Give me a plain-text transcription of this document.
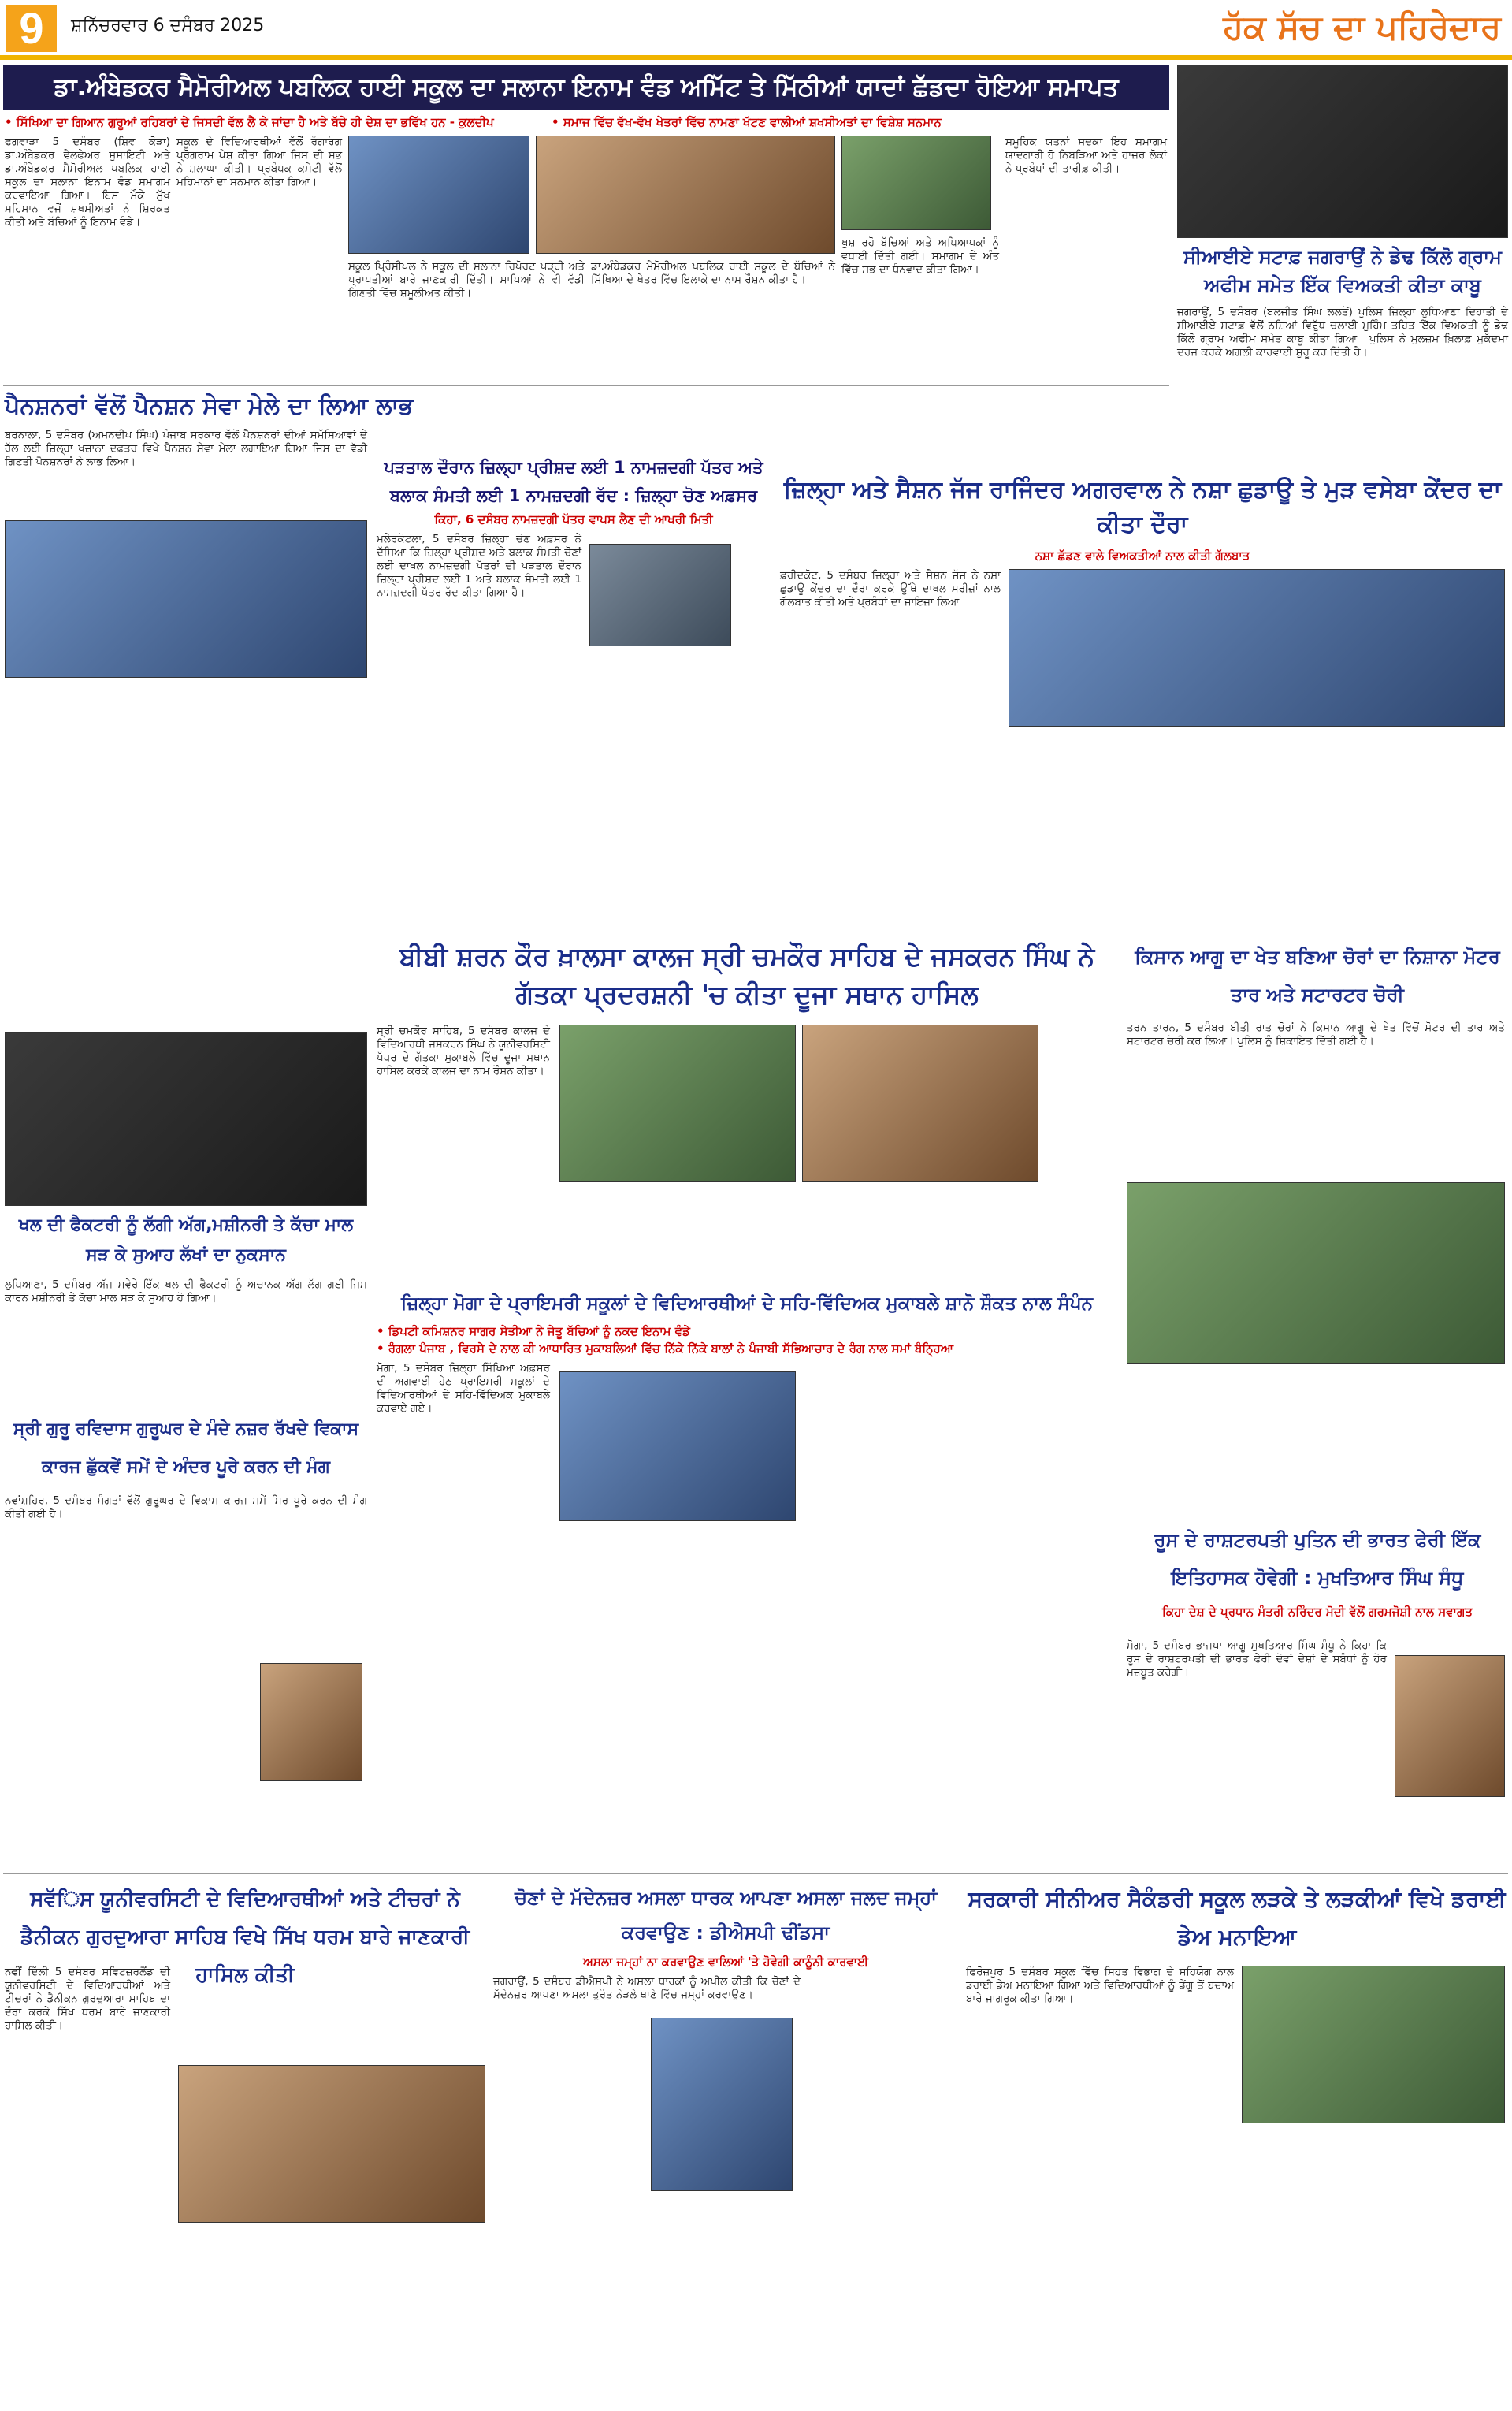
9	ਸ਼ਨਿੱਚਰਵਾਰ 6 ਦਸੰਬਰ 2025	ਹੱਕ ਸੱਚ ਦਾ ਪਹਿਰੇਦਾਰ
ਡਾ.ਅੰਬੇਡਕਰ ਮੈਮੋਰੀਅਲ ਪਬਲਿਕ ਹਾਈ ਸਕੂਲ ਦਾ ਸਲਾਨਾ ਇਨਾਮ ਵੰਡ ਅਮਿੱਟ ਤੇ ਮਿੱਠੀਆਂ ਯਾਦਾਂ ਛੱਡਦਾ ਹੋਇਆ ਸਮਾਪਤ
• ਸਿੱਖਿਆ ਦਾ ਗਿਆਨ ਗੁਰੂਆਂ ਰਹਿਬਰਾਂ ਦੇ ਜਿਸਦੀ ਵੱਲ ਲੈ ਕੇ ਜਾਂਦਾ ਹੈ ਅਤੇ ਬੱਚੇ ਹੀ ਦੇਸ਼ ਦਾ ਭਵਿੱਖ ਹਨ - ਕੁਲਦੀਪ	• ਸਮਾਜ ਵਿੱਚ ਵੱਖ-ਵੱਖ ਖੇਤਰਾਂ ਵਿੱਚ ਨਾਮਣਾ ਖੱਟਣ ਵਾਲੀਆਂ ਸ਼ਖਸੀਅਤਾਂ ਦਾ ਵਿਸ਼ੇਸ਼ ਸਨਮਾਨ
ਫਗਵਾੜਾ 5 ਦਸੰਬਰ (ਸ਼ਿਵ ਕੋੜਾ) ਡਾ.ਅੰਬੇਡਕਰ ਵੈਲਫੇਅਰ ਸੁਸਾਇਟੀ ਅਤੇ ਡਾ.ਅੰਬੇਡਕਰ ਮੈਮੋਰੀਅਲ ਪਬਲਿਕ ਹਾਈ ਸਕੂਲ ਦਾ ਸਲਾਨਾ ਇਨਾਮ ਵੰਡ ਸਮਾਗਮ ਕਰਵਾਇਆ ਗਿਆ। ਇਸ ਮੌਕੇ ਮੁੱਖ ਮਹਿਮਾਨ ਵਜੋਂ ਸ਼ਖਸੀਅਤਾਂ ਨੇ ਸ਼ਿਰਕਤ ਕੀਤੀ ਅਤੇ ਬੱਚਿਆਂ ਨੂੰ ਇਨਾਮ ਵੰਡੇ।
ਸਕੂਲ ਦੇ ਵਿਦਿਆਰਥੀਆਂ ਵੱਲੋਂ ਰੰਗਾਰੰਗ ਪ੍ਰੋਗਰਾਮ ਪੇਸ਼ ਕੀਤਾ ਗਿਆ ਜਿਸ ਦੀ ਸਭ ਨੇ ਸ਼ਲਾਘਾ ਕੀਤੀ। ਪ੍ਰਬੰਧਕ ਕਮੇਟੀ ਵੱਲੋਂ ਮਹਿਮਾਨਾਂ ਦਾ ਸਨਮਾਨ ਕੀਤਾ ਗਿਆ।
ਸਕੂਲ ਪ੍ਰਿੰਸੀਪਲ ਨੇ ਸਕੂਲ ਦੀ ਸਲਾਨਾ ਰਿਪੋਰਟ ਪੜ੍ਹੀ ਅਤੇ ਪ੍ਰਾਪਤੀਆਂ ਬਾਰੇ ਜਾਣਕਾਰੀ ਦਿੱਤੀ। ਮਾਪਿਆਂ ਨੇ ਵੀ ਵੱਡੀ ਗਿਣਤੀ ਵਿੱਚ ਸ਼ਮੂਲੀਅਤ ਕੀਤੀ।
ਡਾ.ਅੰਬੇਡਕਰ ਮੈਮੋਰੀਅਲ ਪਬਲਿਕ ਹਾਈ ਸਕੂਲ ਦੇ ਬੱਚਿਆਂ ਨੇ ਸਿੱਖਿਆ ਦੇ ਖੇਤਰ ਵਿੱਚ ਇਲਾਕੇ ਦਾ ਨਾਮ ਰੌਸ਼ਨ ਕੀਤਾ ਹੈ।
ਖੁਸ਼ ਰਹੋ ਬੱਚਿਆਂ ਅਤੇ ਅਧਿਆਪਕਾਂ ਨੂੰ ਵਧਾਈ ਦਿੱਤੀ ਗਈ। ਸਮਾਗਮ ਦੇ ਅੰਤ ਵਿੱਚ ਸਭ ਦਾ ਧੰਨਵਾਦ ਕੀਤਾ ਗਿਆ।
ਸਮੂਹਿਕ ਯਤਨਾਂ ਸਦਕਾ ਇਹ ਸਮਾਗਮ ਯਾਦਗਾਰੀ ਹੋ ਨਿਬੜਿਆ ਅਤੇ ਹਾਜ਼ਰ ਲੋਕਾਂ ਨੇ ਪ੍ਰਬੰਧਾਂ ਦੀ ਤਾਰੀਫ਼ ਕੀਤੀ।
ਸੀਆਈਏ ਸਟਾਫ਼ ਜਗਰਾਉਂ ਨੇ ਡੇਢ ਕਿੱਲੋ ਗ੍ਰਾਮ ਅਫੀਮ ਸਮੇਤ ਇੱਕ ਵਿਅਕਤੀ ਕੀਤਾ ਕਾਬੂ
ਜਗਰਾਉਂ, 5 ਦਸੰਬਰ (ਬਲਜੀਤ ਸਿੰਘ ਲਲਤੋਂ) ਪੁਲਿਸ ਜ਼ਿਲ੍ਹਾ ਲੁਧਿਆਣਾ ਦਿਹਾਤੀ ਦੇ ਸੀਆਈਏ ਸਟਾਫ਼ ਵੱਲੋਂ ਨਸ਼ਿਆਂ ਵਿਰੁੱਧ ਚਲਾਈ ਮੁਹਿੰਮ ਤਹਿਤ ਇੱਕ ਵਿਅਕਤੀ ਨੂੰ ਡੇਢ ਕਿੱਲੋ ਗ੍ਰਾਮ ਅਫੀਮ ਸਮੇਤ ਕਾਬੂ ਕੀਤਾ ਗਿਆ। ਪੁਲਿਸ ਨੇ ਮੁਲਜ਼ਮ ਖ਼ਿਲਾਫ਼ ਮੁਕੱਦਮਾ ਦਰਜ ਕਰਕੇ ਅਗਲੀ ਕਾਰਵਾਈ ਸ਼ੁਰੂ ਕਰ ਦਿੱਤੀ ਹੈ।
ਪੈਨਸ਼ਨਰਾਂ ਵੱਲੋਂ ਪੈਨਸ਼ਨ ਸੇਵਾ ਮੇਲੇ ਦਾ ਲਿਆ ਲਾਭ
ਬਰਨਾਲਾ, 5 ਦਸੰਬਰ (ਅਮਨਦੀਪ ਸਿੰਘ) ਪੰਜਾਬ ਸਰਕਾਰ ਵੱਲੋਂ ਪੈਨਸ਼ਨਰਾਂ ਦੀਆਂ ਸਮੱਸਿਆਵਾਂ ਦੇ ਹੱਲ ਲਈ ਜ਼ਿਲ੍ਹਾ ਖਜ਼ਾਨਾ ਦਫ਼ਤਰ ਵਿਖੇ ਪੈਨਸ਼ਨ ਸੇਵਾ ਮੇਲਾ ਲਗਾਇਆ ਗਿਆ ਜਿਸ ਦਾ ਵੱਡੀ ਗਿਣਤੀ ਪੈਨਸ਼ਨਰਾਂ ਨੇ ਲਾਭ ਲਿਆ।	ਪੜਤਾਲ ਦੌਰਾਨ ਜ਼ਿਲ੍ਹਾ ਪ੍ਰੀਸ਼ਦ ਲਈ 1 ਨਾਮਜ਼ਦਗੀ ਪੱਤਰ ਅਤੇ
ਬਲਾਕ ਸੰਮਤੀ ਲਈ 1 ਨਾਮਜ਼ਦਗੀ ਰੱਦ : ਜ਼ਿਲ੍ਹਾ ਚੋਣ ਅਫ਼ਸਰ
ਕਿਹਾ, 6 ਦਸੰਬਰ ਨਾਮਜ਼ਦਗੀ ਪੱਤਰ ਵਾਪਸ ਲੈਣ ਦੀ ਆਖਰੀ ਮਿਤੀ
ਮਲੇਰਕੋਟਲਾ, 5 ਦਸੰਬਰ ਜ਼ਿਲ੍ਹਾ ਚੋਣ ਅਫ਼ਸਰ ਨੇ ਦੱਸਿਆ ਕਿ ਜ਼ਿਲ੍ਹਾ ਪ੍ਰੀਸ਼ਦ ਅਤੇ ਬਲਾਕ ਸੰਮਤੀ ਚੋਣਾਂ ਲਈ ਦਾਖਲ ਨਾਮਜ਼ਦਗੀ ਪੱਤਰਾਂ ਦੀ ਪੜਤਾਲ ਦੌਰਾਨ ਜ਼ਿਲ੍ਹਾ ਪ੍ਰੀਸ਼ਦ ਲਈ 1 ਅਤੇ ਬਲਾਕ ਸੰਮਤੀ ਲਈ 1 ਨਾਮਜ਼ਦਗੀ ਪੱਤਰ ਰੱਦ ਕੀਤਾ ਗਿਆ ਹੈ।
ਜ਼ਿਲ੍ਹਾ ਅਤੇ ਸੈਸ਼ਨ ਜੱਜ ਰਾਜਿੰਦਰ ਅਗਰਵਾਲ ਨੇ ਨਸ਼ਾ ਛੁਡਾਊ ਤੇ ਮੁੜ ਵਸੇਬਾ ਕੇਂਦਰ ਦਾ ਕੀਤਾ ਦੌਰਾ
ਨਸ਼ਾ ਛੱਡਣ ਵਾਲੇ ਵਿਅਕਤੀਆਂ ਨਾਲ ਕੀਤੀ ਗੱਲਬਾਤ
ਫ਼ਰੀਦਕੋਟ, 5 ਦਸੰਬਰ ਜ਼ਿਲ੍ਹਾ ਅਤੇ ਸੈਸ਼ਨ ਜੱਜ ਨੇ ਨਸ਼ਾ ਛੁਡਾਊ ਕੇਂਦਰ ਦਾ ਦੌਰਾ ਕਰਕੇ ਉੱਥੇ ਦਾਖਲ ਮਰੀਜ਼ਾਂ ਨਾਲ ਗੱਲਬਾਤ ਕੀਤੀ ਅਤੇ ਪ੍ਰਬੰਧਾਂ ਦਾ ਜਾਇਜ਼ਾ ਲਿਆ।
ਖਲ ਦੀ ਫੈਕਟਰੀ ਨੂੰ ਲੱਗੀ ਅੱਗ,ਮਸ਼ੀਨਰੀ ਤੇ ਕੱਚਾ ਮਾਲ ਸੜ ਕੇ ਸੁਆਹ ਲੱਖਾਂ ਦਾ ਨੁਕਸਾਨ
ਲੁਧਿਆਣਾ, 5 ਦਸੰਬਰ ਅੱਜ ਸਵੇਰੇ ਇੱਕ ਖਲ ਦੀ ਫੈਕਟਰੀ ਨੂੰ ਅਚਾਨਕ ਅੱਗ ਲੱਗ ਗਈ ਜਿਸ ਕਾਰਨ ਮਸ਼ੀਨਰੀ ਤੇ ਕੱਚਾ ਮਾਲ ਸੜ ਕੇ ਸੁਆਹ ਹੋ ਗਿਆ।
ਸ੍ਰੀ ਗੁਰੂ ਰਵਿਦਾਸ ਗੁਰੂਘਰ ਦੇ ਮੰਦੇ ਨਜ਼ਰ ਰੱਖਦੇ ਵਿਕਾਸ ਕਾਰਜ ਛੁੱਕਵੇਂ ਸਮੇਂ ਦੇ ਅੰਦਰ ਪੂਰੇ ਕਰਨ ਦੀ ਮੰਗ
ਨਵਾਂਸ਼ਹਿਰ, 5 ਦਸੰਬਰ ਸੰਗਤਾਂ ਵੱਲੋਂ ਗੁਰੂਘਰ ਦੇ ਵਿਕਾਸ ਕਾਰਜ ਸਮੇਂ ਸਿਰ ਪੂਰੇ ਕਰਨ ਦੀ ਮੰਗ ਕੀਤੀ ਗਈ ਹੈ।
ਬੀਬੀ ਸ਼ਰਨ ਕੌਰ ਖ਼ਾਲਸਾ ਕਾਲਜ ਸ੍ਰੀ ਚਮਕੌਰ ਸਾਹਿਬ ਦੇ ਜਸਕਰਨ ਸਿੰਘ ਨੇ ਗੱਤਕਾ ਪ੍ਰਦਰਸ਼ਨੀ 'ਚ ਕੀਤਾ ਦੂਜਾ ਸਥਾਨ ਹਾਸਿਲ
ਸ੍ਰੀ ਚਮਕੌਰ ਸਾਹਿਬ, 5 ਦਸੰਬਰ ਕਾਲਜ ਦੇ ਵਿਦਿਆਰਥੀ ਜਸਕਰਨ ਸਿੰਘ ਨੇ ਯੂਨੀਵਰਸਿਟੀ ਪੱਧਰ ਦੇ ਗੱਤਕਾ ਮੁਕਾਬਲੇ ਵਿੱਚ ਦੂਜਾ ਸਥਾਨ ਹਾਸਿਲ ਕਰਕੇ ਕਾਲਜ ਦਾ ਨਾਮ ਰੌਸ਼ਨ ਕੀਤਾ।
ਕਿਸਾਨ ਆਗੂ ਦਾ ਖੇਤ ਬਣਿਆ ਚੋਰਾਂ ਦਾ ਨਿਸ਼ਾਨਾ ਮੋਟਰ ਤਾਰ ਅਤੇ ਸਟਾਰਟਰ ਚੋਰੀ
ਤਰਨ ਤਾਰਨ, 5 ਦਸੰਬਰ ਬੀਤੀ ਰਾਤ ਚੋਰਾਂ ਨੇ ਕਿਸਾਨ ਆਗੂ ਦੇ ਖੇਤ ਵਿੱਚੋਂ ਮੋਟਰ ਦੀ ਤਾਰ ਅਤੇ ਸਟਾਰਟਰ ਚੋਰੀ ਕਰ ਲਿਆ। ਪੁਲਿਸ ਨੂੰ ਸ਼ਿਕਾਇਤ ਦਿੱਤੀ ਗਈ ਹੈ।
ਜ਼ਿਲ੍ਹਾ ਮੋਗਾ ਦੇ ਪ੍ਰਾਇਮਰੀ ਸਕੂਲਾਂ ਦੇ ਵਿਦਿਆਰਥੀਆਂ ਦੇ ਸਹਿ-ਵਿੱਦਿਅਕ ਮੁਕਾਬਲੇ ਸ਼ਾਨੋ ਸ਼ੌਕਤ ਨਾਲ ਸੰਪੰਨ
• ਡਿਪਟੀ ਕਮਿਸ਼ਨਰ ਸਾਗਰ ਸੇਤੀਆ ਨੇ ਜੇਤੂ ਬੱਚਿਆਂ ਨੂੰ ਨਕਦ ਇਨਾਮ ਵੰਡੇ
• ਰੰਗਲਾ ਪੰਜਾਬ , ਵਿਰਸੇ ਦੇ ਨਾਲ ਕੀ ਆਧਾਰਿਤ ਮੁਕਾਬਲਿਆਂ ਵਿੱਚ ਨਿੱਕੇ ਨਿੱਕੇ ਬਾਲਾਂ ਨੇ ਪੰਜਾਬੀ ਸੱਭਿਆਚਾਰ ਦੇ ਰੰਗ ਨਾਲ ਸਮਾਂ ਬੰਨ੍ਹਿਆ
ਮੋਗਾ, 5 ਦਸੰਬਰ ਜ਼ਿਲ੍ਹਾ ਸਿੱਖਿਆ ਅਫ਼ਸਰ ਦੀ ਅਗਵਾਈ ਹੇਠ ਪ੍ਰਾਇਮਰੀ ਸਕੂਲਾਂ ਦੇ ਵਿਦਿਆਰਥੀਆਂ ਦੇ ਸਹਿ-ਵਿੱਦਿਅਕ ਮੁਕਾਬਲੇ ਕਰਵਾਏ ਗਏ।
ਰੂਸ ਦੇ ਰਾਸ਼ਟਰਪਤੀ ਪੁਤਿਨ ਦੀ ਭਾਰਤ ਫੇਰੀ ਇੱਕ ਇਤਿਹਾਸਕ ਹੋਵੇਗੀ : ਮੁਖਤਿਆਰ ਸਿੰਘ ਸੰਧੂ
ਕਿਹਾ ਦੇਸ਼ ਦੇ ਪ੍ਰਧਾਨ ਮੰਤਰੀ ਨਰਿੰਦਰ ਮੋਦੀ ਵੱਲੋਂ ਗਰਮਜੋਸ਼ੀ ਨਾਲ ਸਵਾਗਤ
ਮੋਗਾ, 5 ਦਸੰਬਰ ਭਾਜਪਾ ਆਗੂ ਮੁਖਤਿਆਰ ਸਿੰਘ ਸੰਧੂ ਨੇ ਕਿਹਾ ਕਿ ਰੂਸ ਦੇ ਰਾਸ਼ਟਰਪਤੀ ਦੀ ਭਾਰਤ ਫੇਰੀ ਦੋਵਾਂ ਦੇਸ਼ਾਂ ਦੇ ਸਬੰਧਾਂ ਨੂੰ ਹੋਰ ਮਜ਼ਬੂਤ ਕਰੇਗੀ।
ਸਵੱਿਸ ਯੂਨੀਵਰਸਿਟੀ ਦੇ ਵਿਦਿਆਰਥੀਆਂ ਅਤੇ ਟੀਚਰਾਂ ਨੇ ਡੈਨੀਕਨ ਗੁਰਦੁਆਰਾ ਸਾਹਿਬ ਵਿਖੇ ਸਿੱਖ ਧਰਮ ਬਾਰੇ ਜਾਣਕਾਰੀ ਹਾਸਿਲ ਕੀਤੀ
ਨਵੀਂ ਦਿੱਲੀ 5 ਦਸੰਬਰ ਸਵਿਟਜ਼ਰਲੈਂਡ ਦੀ ਯੂਨੀਵਰਸਿਟੀ ਦੇ ਵਿਦਿਆਰਥੀਆਂ ਅਤੇ ਟੀਚਰਾਂ ਨੇ ਡੈਨੀਕਨ ਗੁਰਦੁਆਰਾ ਸਾਹਿਬ ਦਾ ਦੌਰਾ ਕਰਕੇ ਸਿੱਖ ਧਰਮ ਬਾਰੇ ਜਾਣਕਾਰੀ ਹਾਸਿਲ ਕੀਤੀ।
ਚੋਣਾਂ ਦੇ ਮੱਦੇਨਜ਼ਰ ਅਸਲਾ ਧਾਰਕ ਆਪਣਾ ਅਸਲਾ ਜਲਦ ਜਮ੍ਹਾਂ ਕਰਵਾਉਣ : ਡੀਐਸਪੀ ਢੀਂਡਸਾ
ਅਸਲਾ ਜਮ੍ਹਾਂ ਨਾ ਕਰਵਾਉਣ ਵਾਲਿਆਂ 'ਤੇ ਹੋਵੇਗੀ ਕਾਨੂੰਨੀ ਕਾਰਵਾਈ
ਜਗਰਾਉਂ, 5 ਦਸੰਬਰ ਡੀਐਸਪੀ ਨੇ ਅਸਲਾ ਧਾਰਕਾਂ ਨੂੰ ਅਪੀਲ ਕੀਤੀ ਕਿ ਚੋਣਾਂ ਦੇ ਮੱਦੇਨਜ਼ਰ ਆਪਣਾ ਅਸਲਾ ਤੁਰੰਤ ਨੇੜਲੇ ਥਾਣੇ ਵਿੱਚ ਜਮ੍ਹਾਂ ਕਰਵਾਉਣ।
ਸਰਕਾਰੀ ਸੀਨੀਅਰ ਸੈਕੰਡਰੀ ਸਕੂਲ ਲੜਕੇ ਤੇ ਲੜਕੀਆਂ ਵਿਖੇ ਡਰਾਈ ਡੇਅ ਮਨਾਇਆ
ਫਿਰੋਜ਼ਪੁਰ 5 ਦਸੰਬਰ ਸਕੂਲ ਵਿੱਚ ਸਿਹਤ ਵਿਭਾਗ ਦੇ ਸਹਿਯੋਗ ਨਾਲ ਡਰਾਈ ਡੇਅ ਮਨਾਇਆ ਗਿਆ ਅਤੇ ਵਿਦਿਆਰਥੀਆਂ ਨੂੰ ਡੇਂਗੂ ਤੋਂ ਬਚਾਅ ਬਾਰੇ ਜਾਗਰੂਕ ਕੀਤਾ ਗਿਆ।
